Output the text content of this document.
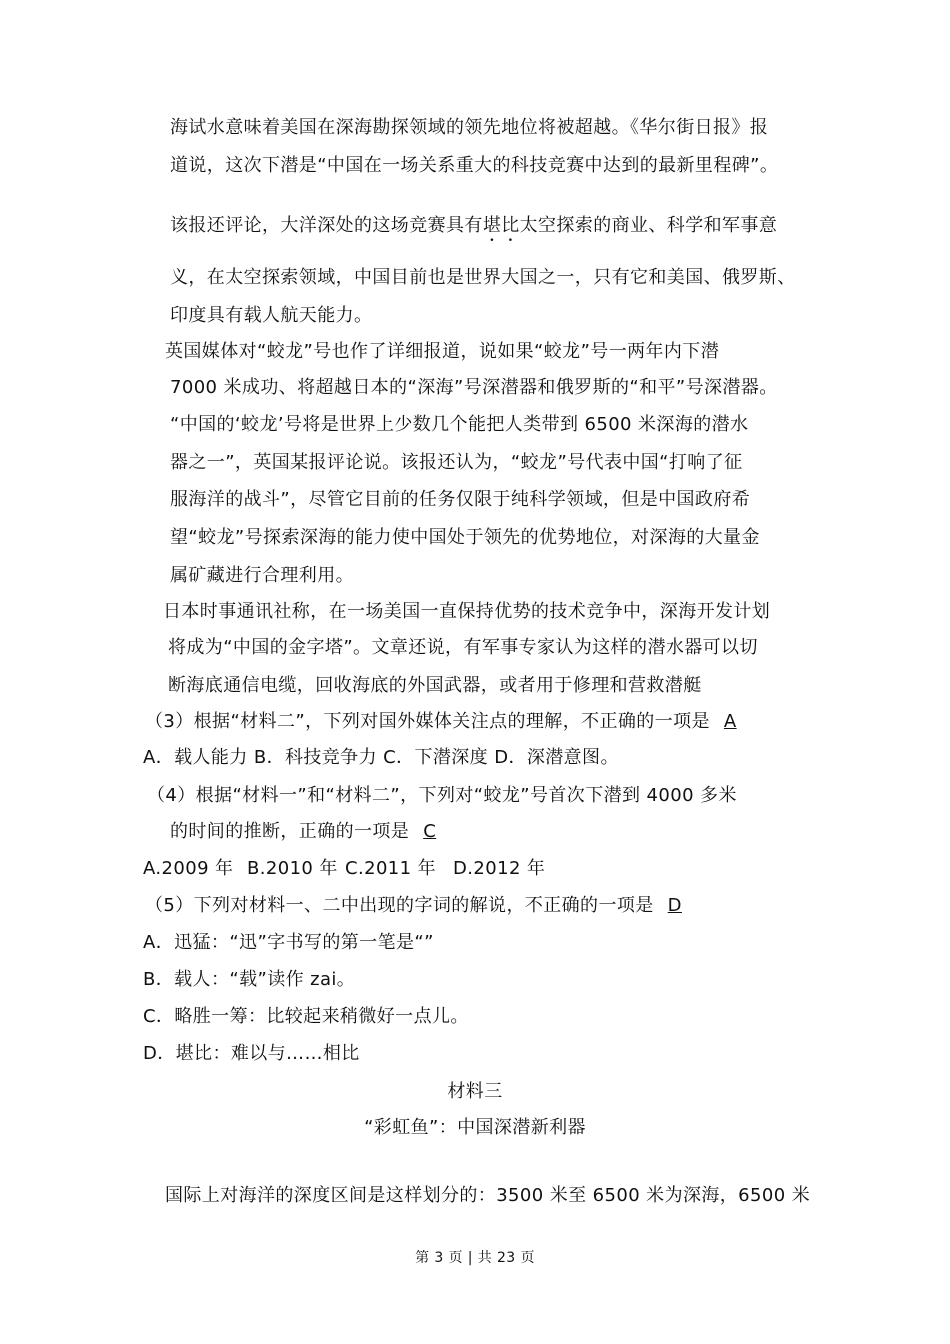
海试水意味着美国在深海勘探领域的领先地位将被超越。《华尔街日报》报
道说，这次下潜是“中国在一场关系重大的科技竞赛中达到的最新里程碑”。
该报还评论，大洋深处的这场竞赛具有堪比太空探索的商业、科学和军事意
义，在太空探索领域，中国目前也是世界大国之一，只有它和美国、俄罗斯、
印度具有载人航天能力。
英国媒体对“蛟龙”号也作了详细报道，说如果“蛟龙”号一两年内下潜
7000 米成功、将超越日本的“深海”号深潜器和俄罗斯的“和平”号深潜器。
“中国的‘蛟龙’号将是世界上少数几个能把人类带到 6500 米深海的潜水
器之一”，英国某报评论说。该报还认为，“蛟龙”号代表中国“打响了征
服海洋的战斗”，尽管它目前的任务仅限于纯科学领域，但是中国政府希
望“蛟龙”号探索深海的能力使中国处于领先的优势地位，对深海的大量金
属矿藏进行合理利用。
日本时事通讯社称，在一场美国一直保持优势的技术竞争中，深海开发计划
将成为“中国的金字塔”。文章还说，有军事专家认为这样的潜水器可以切
断海底通信电缆，回收海底的外国武器，或者用于修理和营救潜艇
（3）根据“材料二”，下列对国外媒体关注点的理解，不正确的一项是 A
A．载人能力 B．科技竞争力 C．下潜深度 D．深潜意图。
（4）根据“材料一”和“材料二”，下列对“蛟龙”号首次下潜到 4000 多米
的时间的推断，正确的一项是 C
A.2009 年 B.2010 年 C.2011 年 D.2012 年
（5）下列对材料一、二中出现的字词的解说，不正确的一项是 D
A．迅猛：“迅”字书写的第一笔是“”
B．载人：“载”读作 zai。
C．略胜一筹：比较起来稍微好一点儿。
D．堪比：难以与……相比
材料三
“彩虹鱼”：中国深潜新利器
国际上对海洋的深度区间是这样划分的：3500 米至 6500 米为深海，6500 米
第 3 页 | 共 23 页
